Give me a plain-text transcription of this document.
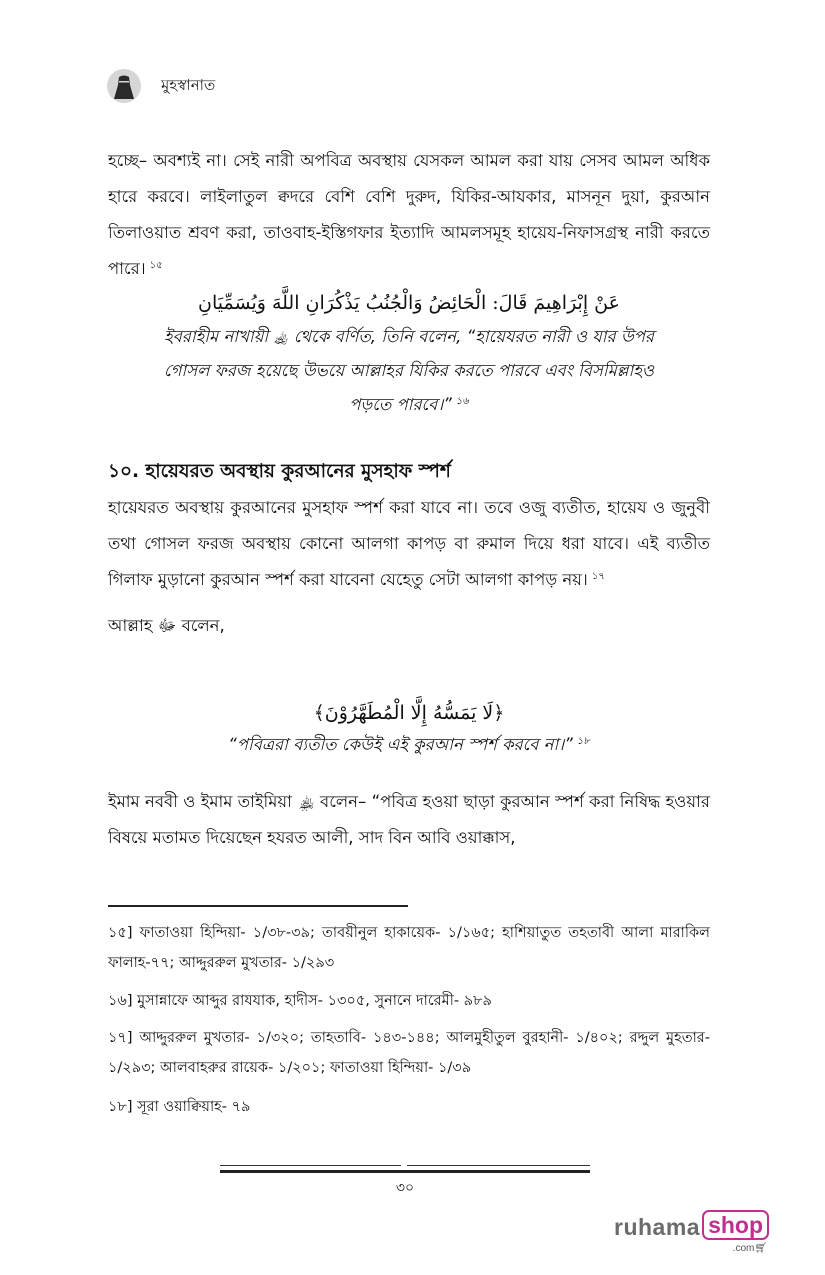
মুহস্বানাত

হচ্ছে– অবশ্যই না। সেই নারী অপবিত্র অবস্থায় যেসকল আমল করা যায় সেসব আমল অধিক হারে করবে। লাইলাতুল ক্বদরে বেশি বেশি দুরুদ, যিকির-আযকার, মাসনূন দুয়া, কুরআন তিলাওয়াত শ্রবণ করা, তাওবাহ-ইস্তিগফার ইত্যাদি আমলসমূহ হায়েয-নিফাসগ্রস্থ নারী করতে পারে। $^{১৫}$

عَنْ إِبْرَاهِيمَ قَالَ: الْحَائِضُ وَالْجُنُبُ يَذْكُرَانِ اللَّهَ وَيُسَمِّيَانِ

ইবরাহীম নাখায়ী ﵀ থেকে বর্ণিত, তিনি বলেন, “হায়েযরত নারী ও যার উপর

গোসল ফরজ হয়েছে উভয়ে আল্লাহর যিকির করতে পারবে এবং বিসমিল্লাহও

পড়তে পারবে।” $^{১৬}$

১০. হায়েযরত অবস্থায় কুরআনের মুসহাফ স্পর্শ

হায়েযরত অবস্থায় কুরআনের মুসহাফ স্পর্শ করা যাবে না। তবে ওজু ব্যতীত, হায়েয ও জুনুবী তথা গোসল ফরজ অবস্থায় কোনো আলগা কাপড় বা রুমাল দিয়ে ধরা যাবে। এই ব্যতীত গিলাফ মুড়ানো কুরআন স্পর্শ করা যাবেনা যেহেতু সেটা আলগা কাপড় নয়। $^{১৭}$

আল্লাহ ﷻ বলেন,

﴿لَا يَمَسُّهُ إِلَّا الْمُطَهَّرُوْنَ﴾

“পবিত্ররা ব্যতীত কেউই এই কুরআন স্পর্শ করবে না।” $^{১৮}$

ইমাম নববী ও ইমাম তাইমিয়া ﵏ বলেন– “পবিত্র হওয়া ছাড়া কুরআন স্পর্শ করা নিষিদ্ধ হওয়ার বিষয়ে মতামত দিয়েছেন হযরত আলী, সাদ বিন আবি ওয়াক্কাস,

১৫] ফাতাওয়া হিন্দিয়া- ১/৩৮-৩৯; তাবয়ীনুল হাকায়েক- ১/১৬৫; হাশিয়াতুত তহতাবী আলা মারাকিল ফালাহ-৭৭; আদ্দুররুল মুখতার- ১/২৯৩

১৬] মুসান্নাফে আব্দুর রাযযাক, হাদীস- ১৩০৫, সুনানে দারেমী- ৯৮৯

১৭] আদ্দুররুল মুখতার- ১/৩২০; তাহতাবি- ১৪৩-১৪৪; আলমুহীতুল বুরহানী- ১/৪০২; রদ্দুল মুহতার- ১/২৯৩; আলবাহরুর রায়েক- ১/২০১; ফাতাওয়া হিন্দিয়া- ১/৩৯

১৮] সূরা ওয়াক্বিয়াহ- ৭৯

৩০
ruhama shop
.com🛒︎
